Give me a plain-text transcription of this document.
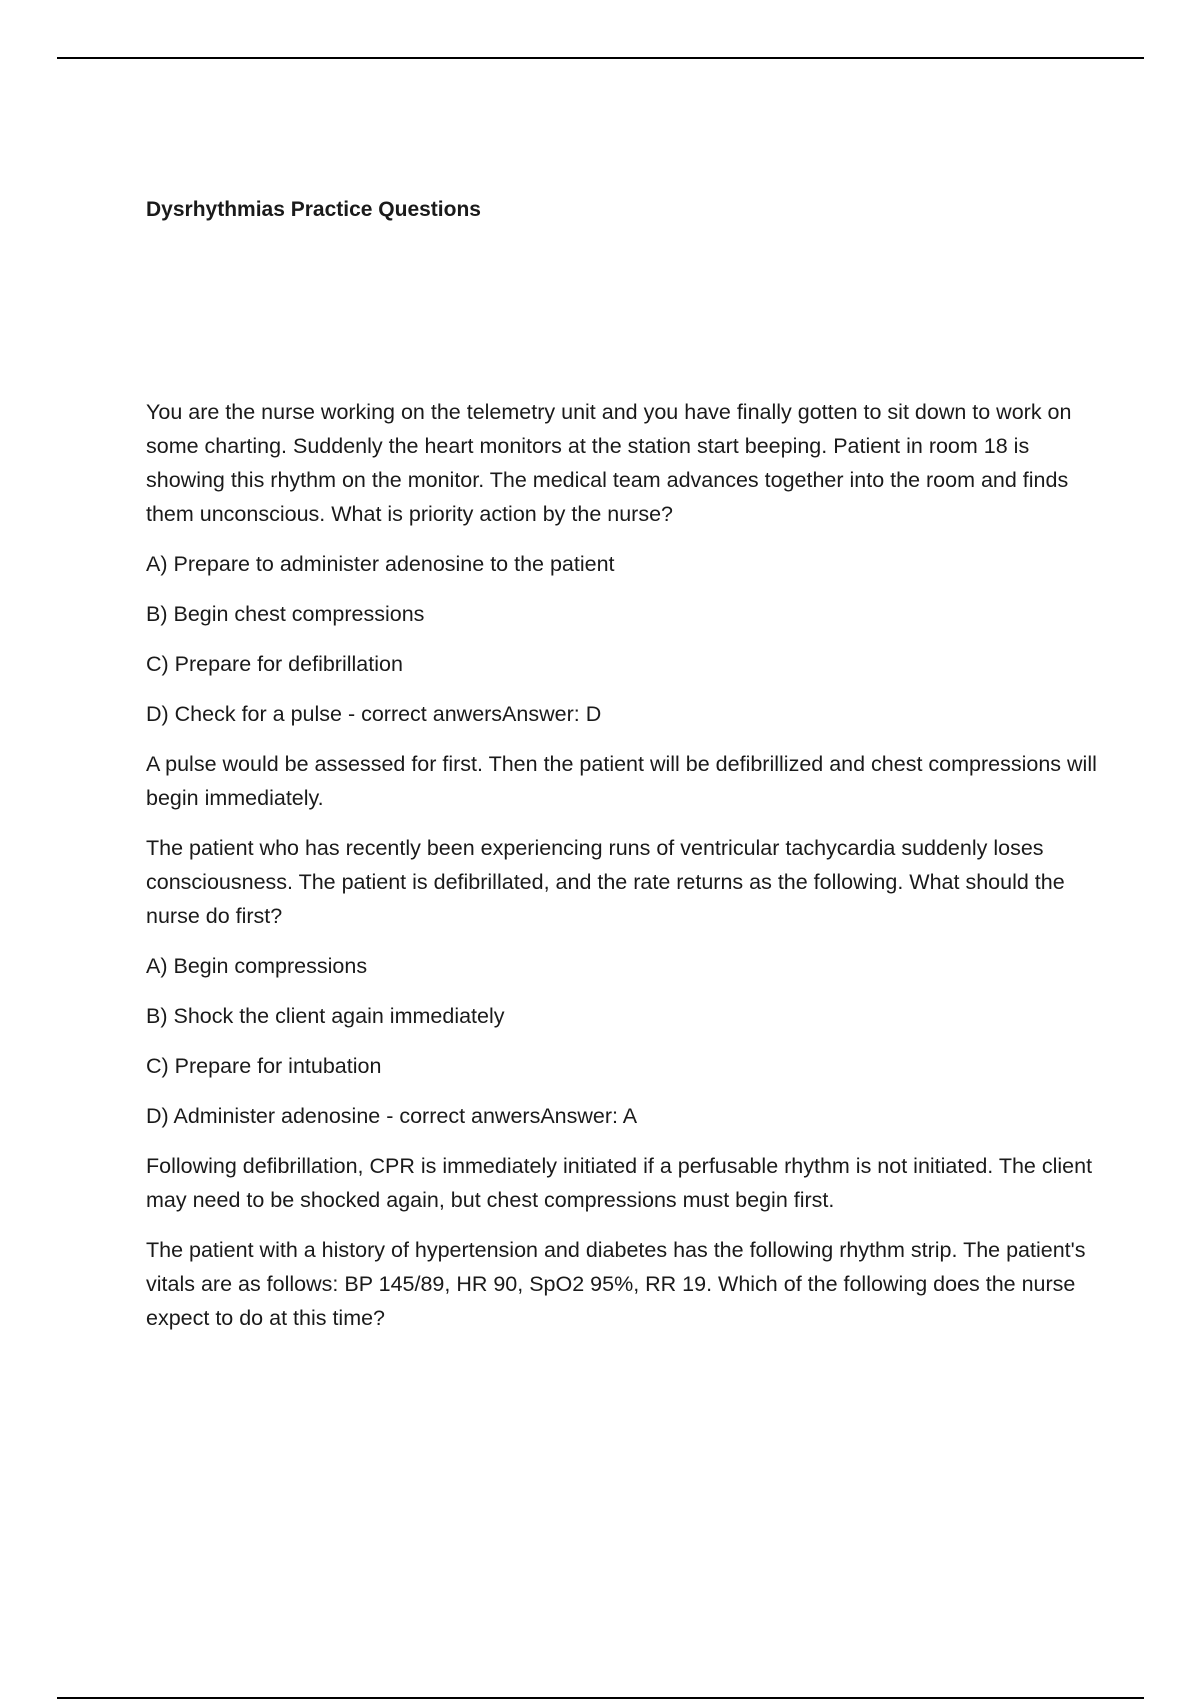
Dysrhythmias Practice Questions

You are the nurse working on the telemetry unit and you have finally gotten to sit down to work on some charting. Suddenly the heart monitors at the station start beeping. Patient in room 18 is showing this rhythm on the monitor. The medical team advances together into the room and finds them unconscious. What is priority action by the nurse?

A) Prepare to administer adenosine to the patient

B) Begin chest compressions

C) Prepare for defibrillation

D) Check for a pulse - correct anwersAnswer: D

A pulse would be assessed for first. Then the patient will be defibrillized and chest compressions will begin immediately.

The patient who has recently been experiencing runs of ventricular tachycardia suddenly loses consciousness. The patient is defibrillated, and the rate returns as the following. What should the nurse do first?

A) Begin compressions

B) Shock the client again immediately

C) Prepare for intubation

D) Administer adenosine - correct anwersAnswer: A

Following defibrillation, CPR is immediately initiated if a perfusable rhythm is not initiated. The client may need to be shocked again, but chest compressions must begin first.

The patient with a history of hypertension and diabetes has the following rhythm strip. The patient's vitals are as follows: BP 145/89, HR 90, SpO2 95%, RR 19. Which of the following does the nurse expect to do at this time?
